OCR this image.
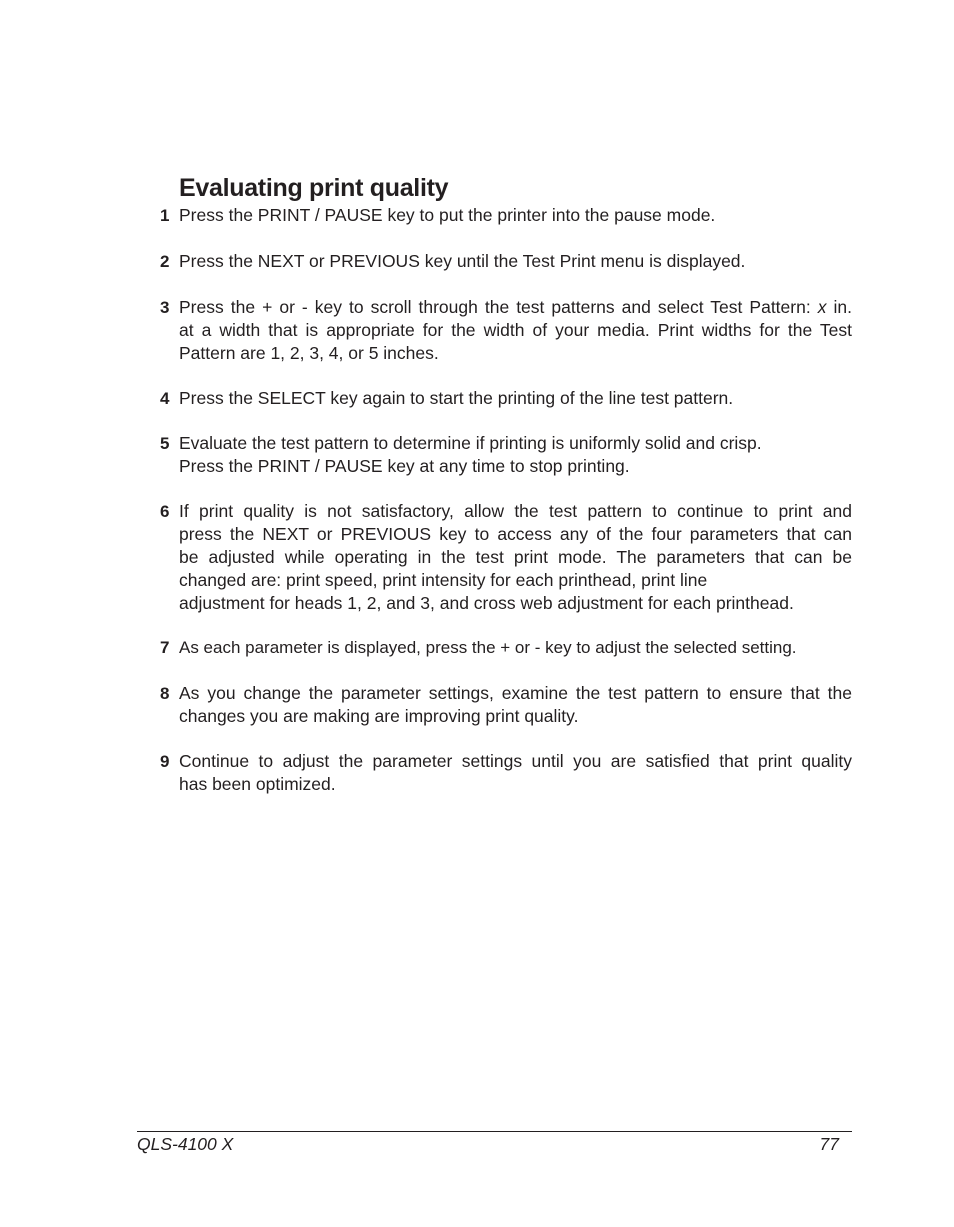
Evaluating print quality
1 Press the PRINT / PAUSE key to put the printer into the pause mode.
2 Press the NEXT or PREVIOUS key until the Test Print menu is displayed.
3 Press the + or - key to scroll through the test patterns and select Test Pattern: x in.
at a width that is appropriate for the width of your media. Print widths for the Test
Pattern are 1, 2, 3, 4, or 5 inches.
4 Press the SELECT key again to start the printing of the line test pattern.
5 Evaluate the test pattern to determine if printing is uniformly solid and crisp.
Press the PRINT / PAUSE key at any time to stop printing.
6 If print quality is not satisfactory, allow the test pattern to continue to print and
press the NEXT or PREVIOUS key to access any of the four parameters that can
be adjusted while operating in the test print mode. The parameters that can be
changed are: print speed, print intensity for each printhead, print line
adjustment for heads 1, 2, and 3, and cross web adjustment for each printhead.
7 As each parameter is displayed, press the + or - key to adjust the selected setting.
8 As you change the parameter settings, examine the test pattern to ensure that the
changes you are making are improving print quality.
9 Continue to adjust the parameter settings until you are satisfied that print quality
has been optimized.
QLS-4100 X	77
